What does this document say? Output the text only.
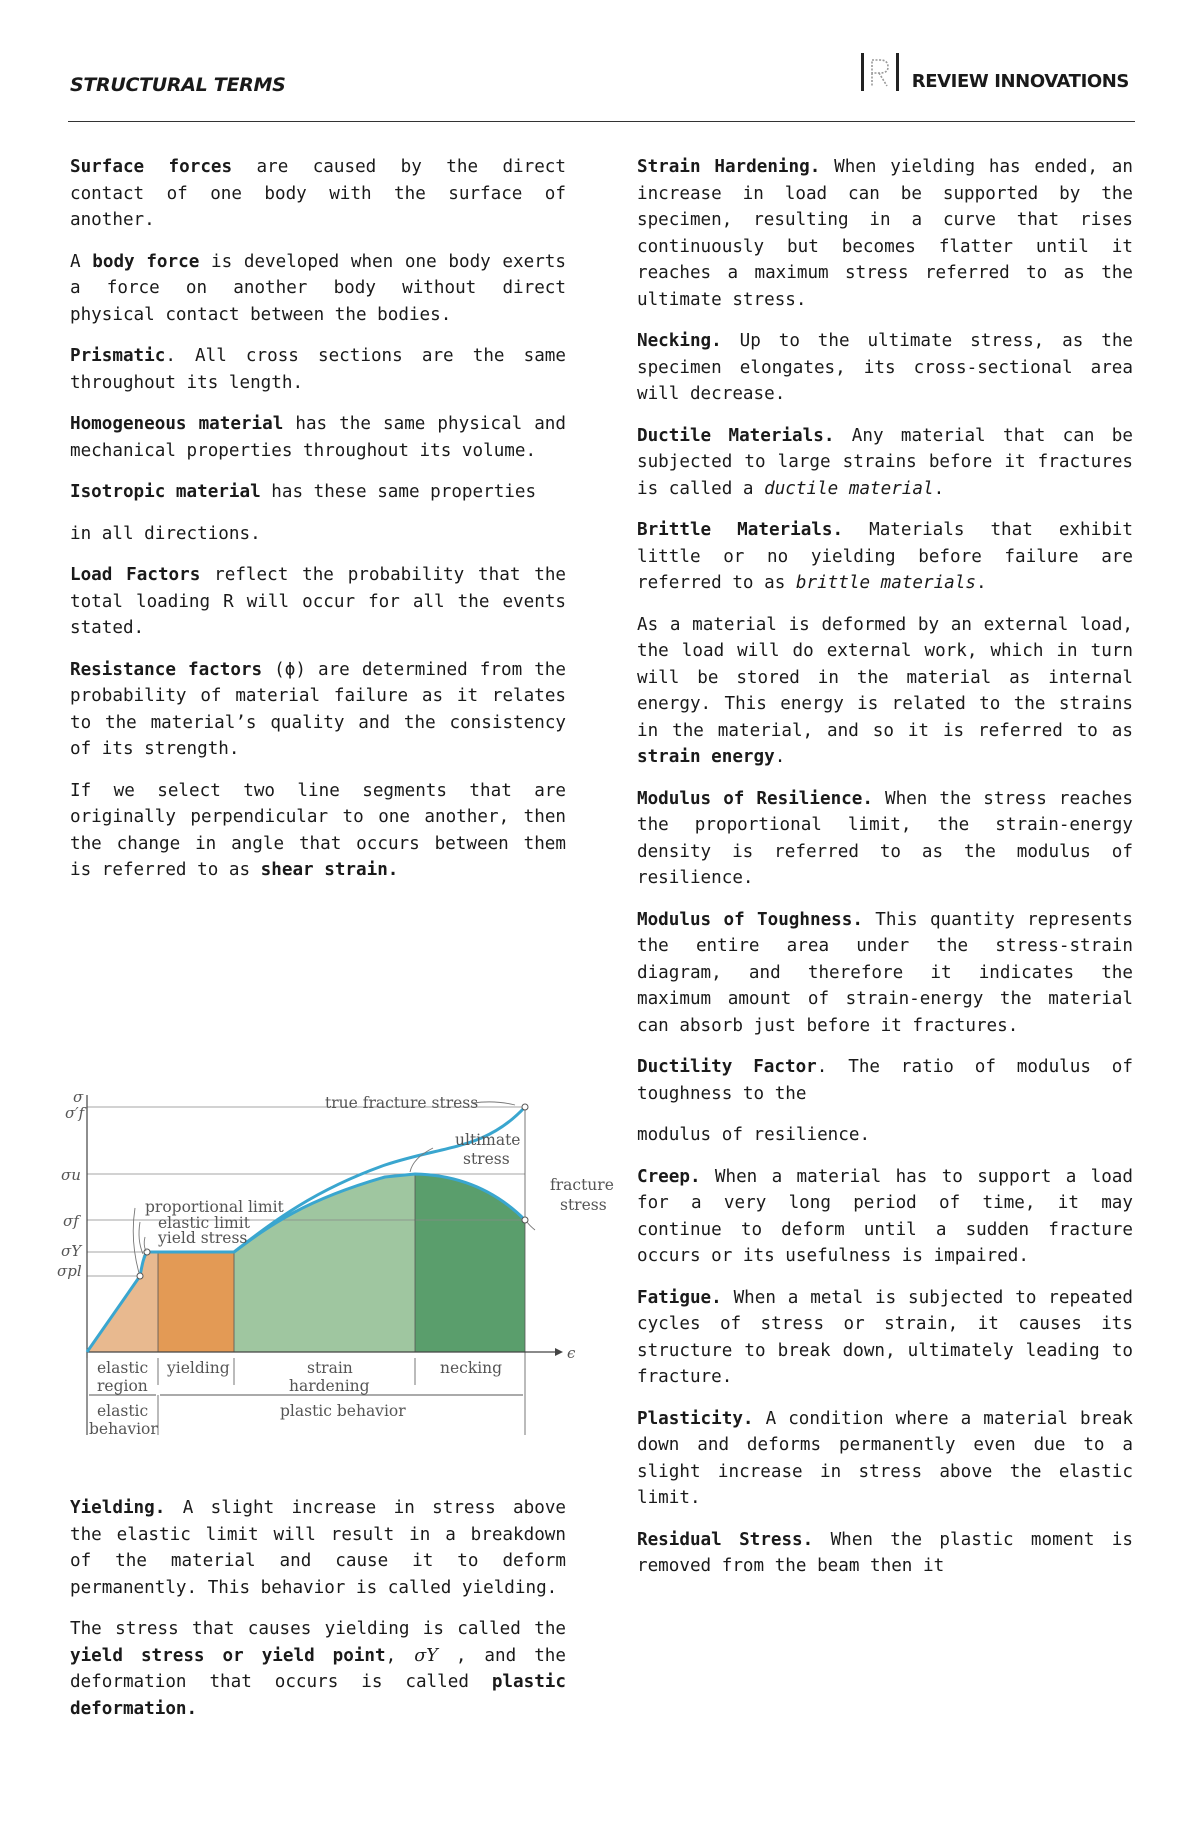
STRUCTURAL TERMS	REVIEW INNOVATIONS

Surface forces are caused by the direct contact of one body with the surface of another.

A body force is developed when one body exerts a force on another body without direct physical contact between the bodies.

Prismatic. All cross sections are the same throughout its length.

Homogeneous material has the same physical and mechanical properties throughout its volume.

Isotropic material has these same properties

in all directions.

Load Factors reflect the probability that the total loading R will occur for all the events stated.

Resistance factors (ϕ) are determined from the probability of material failure as it relates to the material’s quality and the consistency of its strength.

If we select two line segments that are originally perpendicular to one another, then the change in angle that occurs between them is referred to as shear strain.

σ
σ′f
σu
σf
σY
σpl
ϵ
true fracture stress
ultimate
stress
fracture
stress
proportional limit
elastic limit
yield stress
elastic
region
yielding	strain
hardening
necking
elastic
behavior
plastic behavior

Yielding. A slight increase in stress above the elastic limit will result in a breakdown of the material and cause it to deform permanently. This behavior is called yielding.

The stress that causes yielding is called the yield stress or yield point, σY , and the deformation that occurs is called plastic deformation.

Strain Hardening. When yielding has ended, an increase in load can be supported by the specimen, resulting in a curve that rises continuously but becomes flatter until it reaches a maximum stress referred to as the ultimate stress.

Necking. Up to the ultimate stress, as the specimen elongates, its cross-sectional area will decrease.

Ductile Materials. Any material that can be subjected to large strains before it fractures is called a ductile material.

Brittle Materials. Materials that exhibit little or no yielding before failure are referred to as brittle materials.

As a material is deformed by an external load, the load will do external work, which in turn will be stored in the material as internal energy. This energy is related to the strains in the material, and so it is referred to as strain energy.

Modulus of Resilience. When the stress reaches the proportional limit, the strain-energy density is referred to as the modulus of resilience.

Modulus of Toughness. This quantity represents the entire area under the stress-strain diagram, and therefore it indicates the maximum amount of strain-energy the material can absorb just before it fractures.

Ductility Factor. The ratio of modulus of toughness to the

modulus of resilience.

Creep. When a material has to support a load for a very long period of time, it may continue to deform until a sudden fracture occurs or its usefulness is impaired.

Fatigue. When a metal is subjected to repeated cycles of stress or strain, it causes its structure to break down, ultimately leading to fracture.

Plasticity. A condition where a material break down and deforms permanently even due to a slight increase in stress above the elastic limit.

Residual Stress. When the plastic moment is removed from the beam then it
